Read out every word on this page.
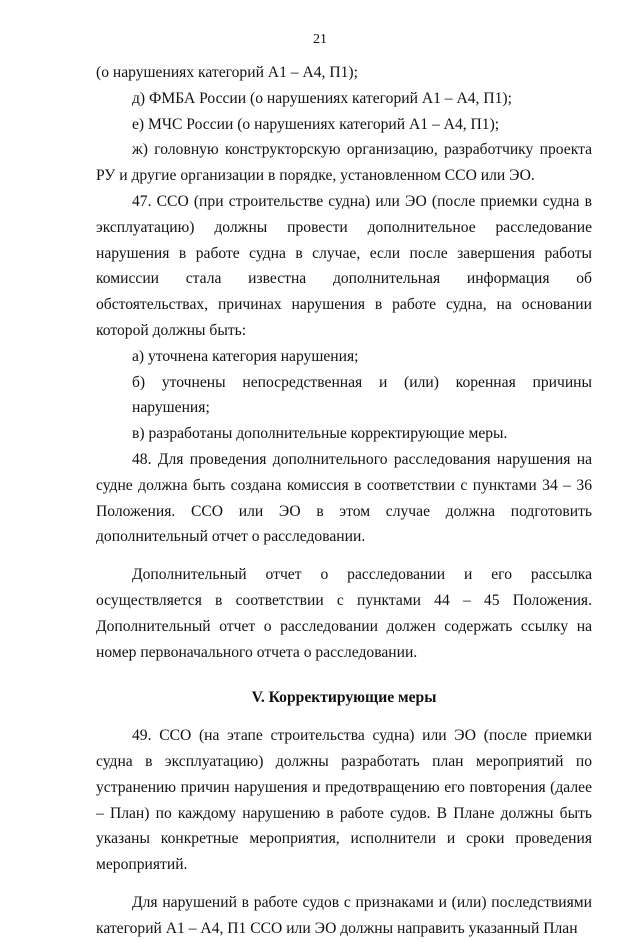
21

(о нарушениях категорий А1 – А4, П1);

д) ФМБА России (о нарушениях категорий А1 – А4, П1);

е) МЧС России (о нарушениях категорий А1 – А4, П1);

ж) головную конструкторскую организацию, разработчику проекта РУ и другие организации в порядке, установленном ССО или ЭО.

47. ССО (при строительстве судна) или ЭО (после приемки судна в эксплуатацию) должны провести дополнительное расследование нарушения в работе судна в случае, если после завершения работы комиссии стала известна дополнительная информация об обстоятельствах, причинах нарушения в работе судна, на основании которой должны быть:

а) уточнена категория нарушения;

б) уточнены непосредственная и (или) коренная причины нарушения;

в) разработаны дополнительные корректирующие меры.

48. Для проведения дополнительного расследования нарушения на судне должна быть создана комиссия в соответствии с пунктами 34 – 36 Положения. ССО или ЭО в этом случае должна подготовить дополнительный отчет о расследовании.

Дополнительный отчет о расследовании и его рассылка осуществляется в соответствии с пунктами 44 – 45 Положения. Дополнительный отчет о расследовании должен содержать ссылку на номер первоначального отчета о расследовании.

V. Корректирующие меры

49. ССО (на этапе строительства судна) или ЭО (после приемки судна в эксплуатацию) должны разработать план мероприятий по устранению причин нарушения и предотвращению его повторения (далее – План) по каждому нарушению в работе судов. В Плане должны быть указаны конкретные мероприятия, исполнители и сроки проведения мероприятий.

Для нарушений в работе судов с признаками и (или) последствиями категорий А1 – А4, П1 ССО или ЭО должны направить указанный План
